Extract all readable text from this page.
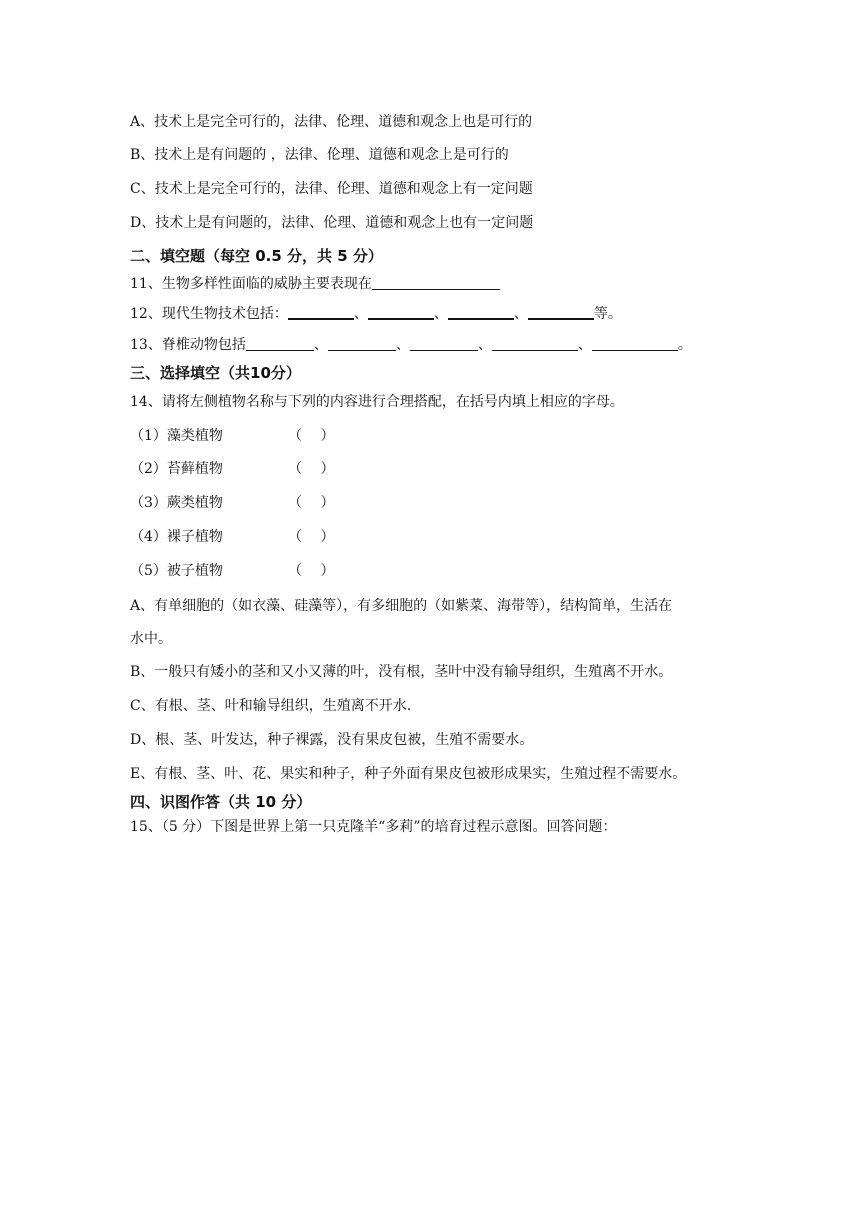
A、技术上是完全可行的，法律、伦理、道德和观念上也是可行的
B、技术上是有问题的 ，法律、伦理、道德和观念上是可行的
C、技术上是完全可行的，法律、伦理、道德和观念上有一定问题
D、技术上是有问题的，法律、伦理、道德和观念上也有一定问题
二、填空题（每空 0.5 分，共 5 分）
11、生物多样性面临的威胁主要表现在
12、现代生物技术包括：	、	、	、	等。
13、脊椎动物包括	、	、	、	、	。
三、选择填空（共10分）
14、请将左侧植物名称与下列的内容进行合理搭配，在括号内填上相应的字母。
（1）藻类植物	（　 ）
（2）苔藓植物	（　 ）
（3）蕨类植物	（　 ）
（4）裸子植物	（　 ）
（5）被子植物	（　 ）
A、有单细胞的（如衣藻、硅藻等），有多细胞的（如紫菜、海带等），结构简单，生活在
水中。
B、一般只有矮小的茎和又小又薄的叶，没有根，茎叶中没有输导组织，生殖离不开水。
C、有根、茎、叶和输导组织，生殖离不开水.
D、根、茎、叶发达，种子裸露，没有果皮包被，生殖不需要水。
E、有根、茎、叶、花、果实和种子，种子外面有果皮包被形成果实，生殖过程不需要水。
四、识图作答（共 10 分）
15、（5 分）下图是世界上第一只克隆羊“多莉”的培育过程示意图。回答问题：
